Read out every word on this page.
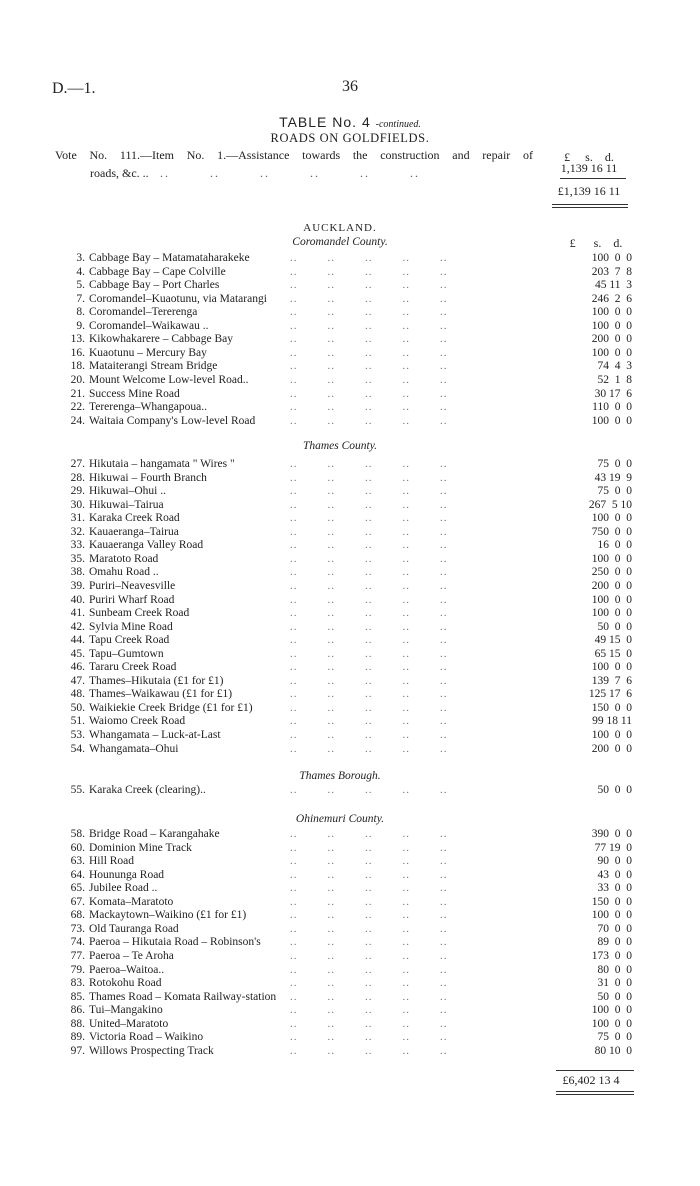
D.—1.	36
TABLE No. 4 -continued.
ROADS ON GOLDFIELDS.
Vote No. 111.—Item No. 1.—Assistance towards the construction and repair of
roads, &c. .. ..        ..        ..        ..        ..        ..
£ s. d.
1,139 16 11
£1,139 16 11
AUCKLAND.
£ s. d.
Coromandel County.
3. Cabbage Bay – Matamataharakeke	..        ..        ..        ..        ..	100  0  0
4. Cabbage Bay – Cape Colville	..        ..        ..        ..        ..	203  7  8
5. Cabbage Bay – Port Charles	..        ..        ..        ..        ..	45 11  3
7. Coromandel–Kuaotunu, via Matarangi ..        ..        ..        ..        ..	246  2  6
8. Coromandel–Tererenga	..        ..        ..        ..        ..	100  0  0
9. Coromandel–Waikawau ..	..        ..        ..        ..        ..	100  0  0
13. Kikowhakarere – Cabbage Bay	..        ..        ..        ..        ..	200  0  0
16. Kuaotunu – Mercury Bay	..        ..        ..        ..        ..	100  0  0
18. Mataiterangi Stream Bridge	..        ..        ..        ..        ..	74  4  3
20. Mount Welcome Low-level Road..	..        ..        ..        ..        ..	52  1  8
21. Success Mine Road	..        ..        ..        ..        ..	30 17  6
22. Tererenga–Whangapoua..	..        ..        ..        ..        ..	110  0  0
24. Waitaia Company's Low-level Road	..        ..        ..        ..        ..	100  0  0
Thames County.
27. Hikutaia – hangamata " Wires "	..        ..        ..        ..        ..	75  0  0
28. Hikuwai – Fourth Branch	..        ..        ..        ..        ..	43 19  9
29. Hikuwai–Ohui ..	..        ..        ..        ..        ..	75  0  0
30. Hikuwai–Tairua	..        ..        ..        ..        ..	267  5 10
31. Karaka Creek Road	..        ..        ..        ..        ..	100  0  0
32. Kauaeranga–Tairua	..        ..        ..        ..        ..	750  0  0
33. Kauaeranga Valley Road	..        ..        ..        ..        ..	16  0  0
35. Maratoto Road	..        ..        ..        ..        ..	100  0  0
38. Omahu Road ..	..        ..        ..        ..        ..	250  0  0
39. Puriri–Neavesville	..        ..        ..        ..        ..	200  0  0
40. Puriri Wharf Road	..        ..        ..        ..        ..	100  0  0
41. Sunbeam Creek Road	..        ..        ..        ..        ..	100  0  0
42. Sylvia Mine Road	..        ..        ..        ..        ..	50  0  0
44. Tapu Creek Road	..        ..        ..        ..        ..	49 15  0
45. Tapu–Gumtown	..        ..        ..        ..        ..	65 15  0
46. Tararu Creek Road	..        ..        ..        ..        ..	100  0  0
47. Thames–Hikutaia (£1 for £1)	..        ..        ..        ..        ..	139  7  6
48. Thames–Waikawau (£1 for £1)	..        ..        ..        ..        ..	125 17  6
50. Waikiekie Creek Bridge (£1 for £1)	..        ..        ..        ..        ..	150  0  0
51. Waiomo Creek Road	..        ..        ..        ..        ..	99 18 11
53. Whangamata – Luck-at-Last	..        ..        ..        ..        ..	100  0  0
54. Whangamata–Ohui	..        ..        ..        ..        ..	200  0  0
Thames Borough.
55. Karaka Creek (clearing)..	..        ..        ..        ..        ..	50  0  0
Ohinemuri County.
58. Bridge Road – Karangahake	..        ..        ..        ..        ..	390  0  0
60. Dominion Mine Track	..        ..        ..        ..        ..	77 19  0
63. Hill Road	..        ..        ..        ..        ..	90  0  0
64. Hoununga Road	..        ..        ..        ..        ..	43  0  0
65. Jubilee Road ..	..        ..        ..        ..        ..	33  0  0
67. Komata–Maratoto	..        ..        ..        ..        ..	150  0  0
68. Mackaytown–Waikino (£1 for £1)	..        ..        ..        ..        ..	100  0  0
73. Old Tauranga Road	..        ..        ..        ..        ..	70  0  0
74. Paeroa – Hikutaia Road – Robinson's	..        ..        ..        ..        ..	89  0  0
77. Paeroa – Te Aroha	..        ..        ..        ..        ..	173  0  0
79. Paeroa–Waitoa..	..        ..        ..        ..        ..	80  0  0
83. Rotokohu Road	..        ..        ..        ..        ..	31  0  0
85. Thames Road – Komata Railway-station ..        ..        ..        ..        ..	50  0  0
86. Tui–Mangakino	..        ..        ..        ..        ..	100  0  0
88. United–Maratoto	..        ..        ..        ..        ..	100  0  0
89. Victoria Road – Waikino	..        ..        ..        ..        ..	75  0  0
97. Willows Prospecting Track	..        ..        ..        ..        ..	80 10  0
£6,402 13 4
